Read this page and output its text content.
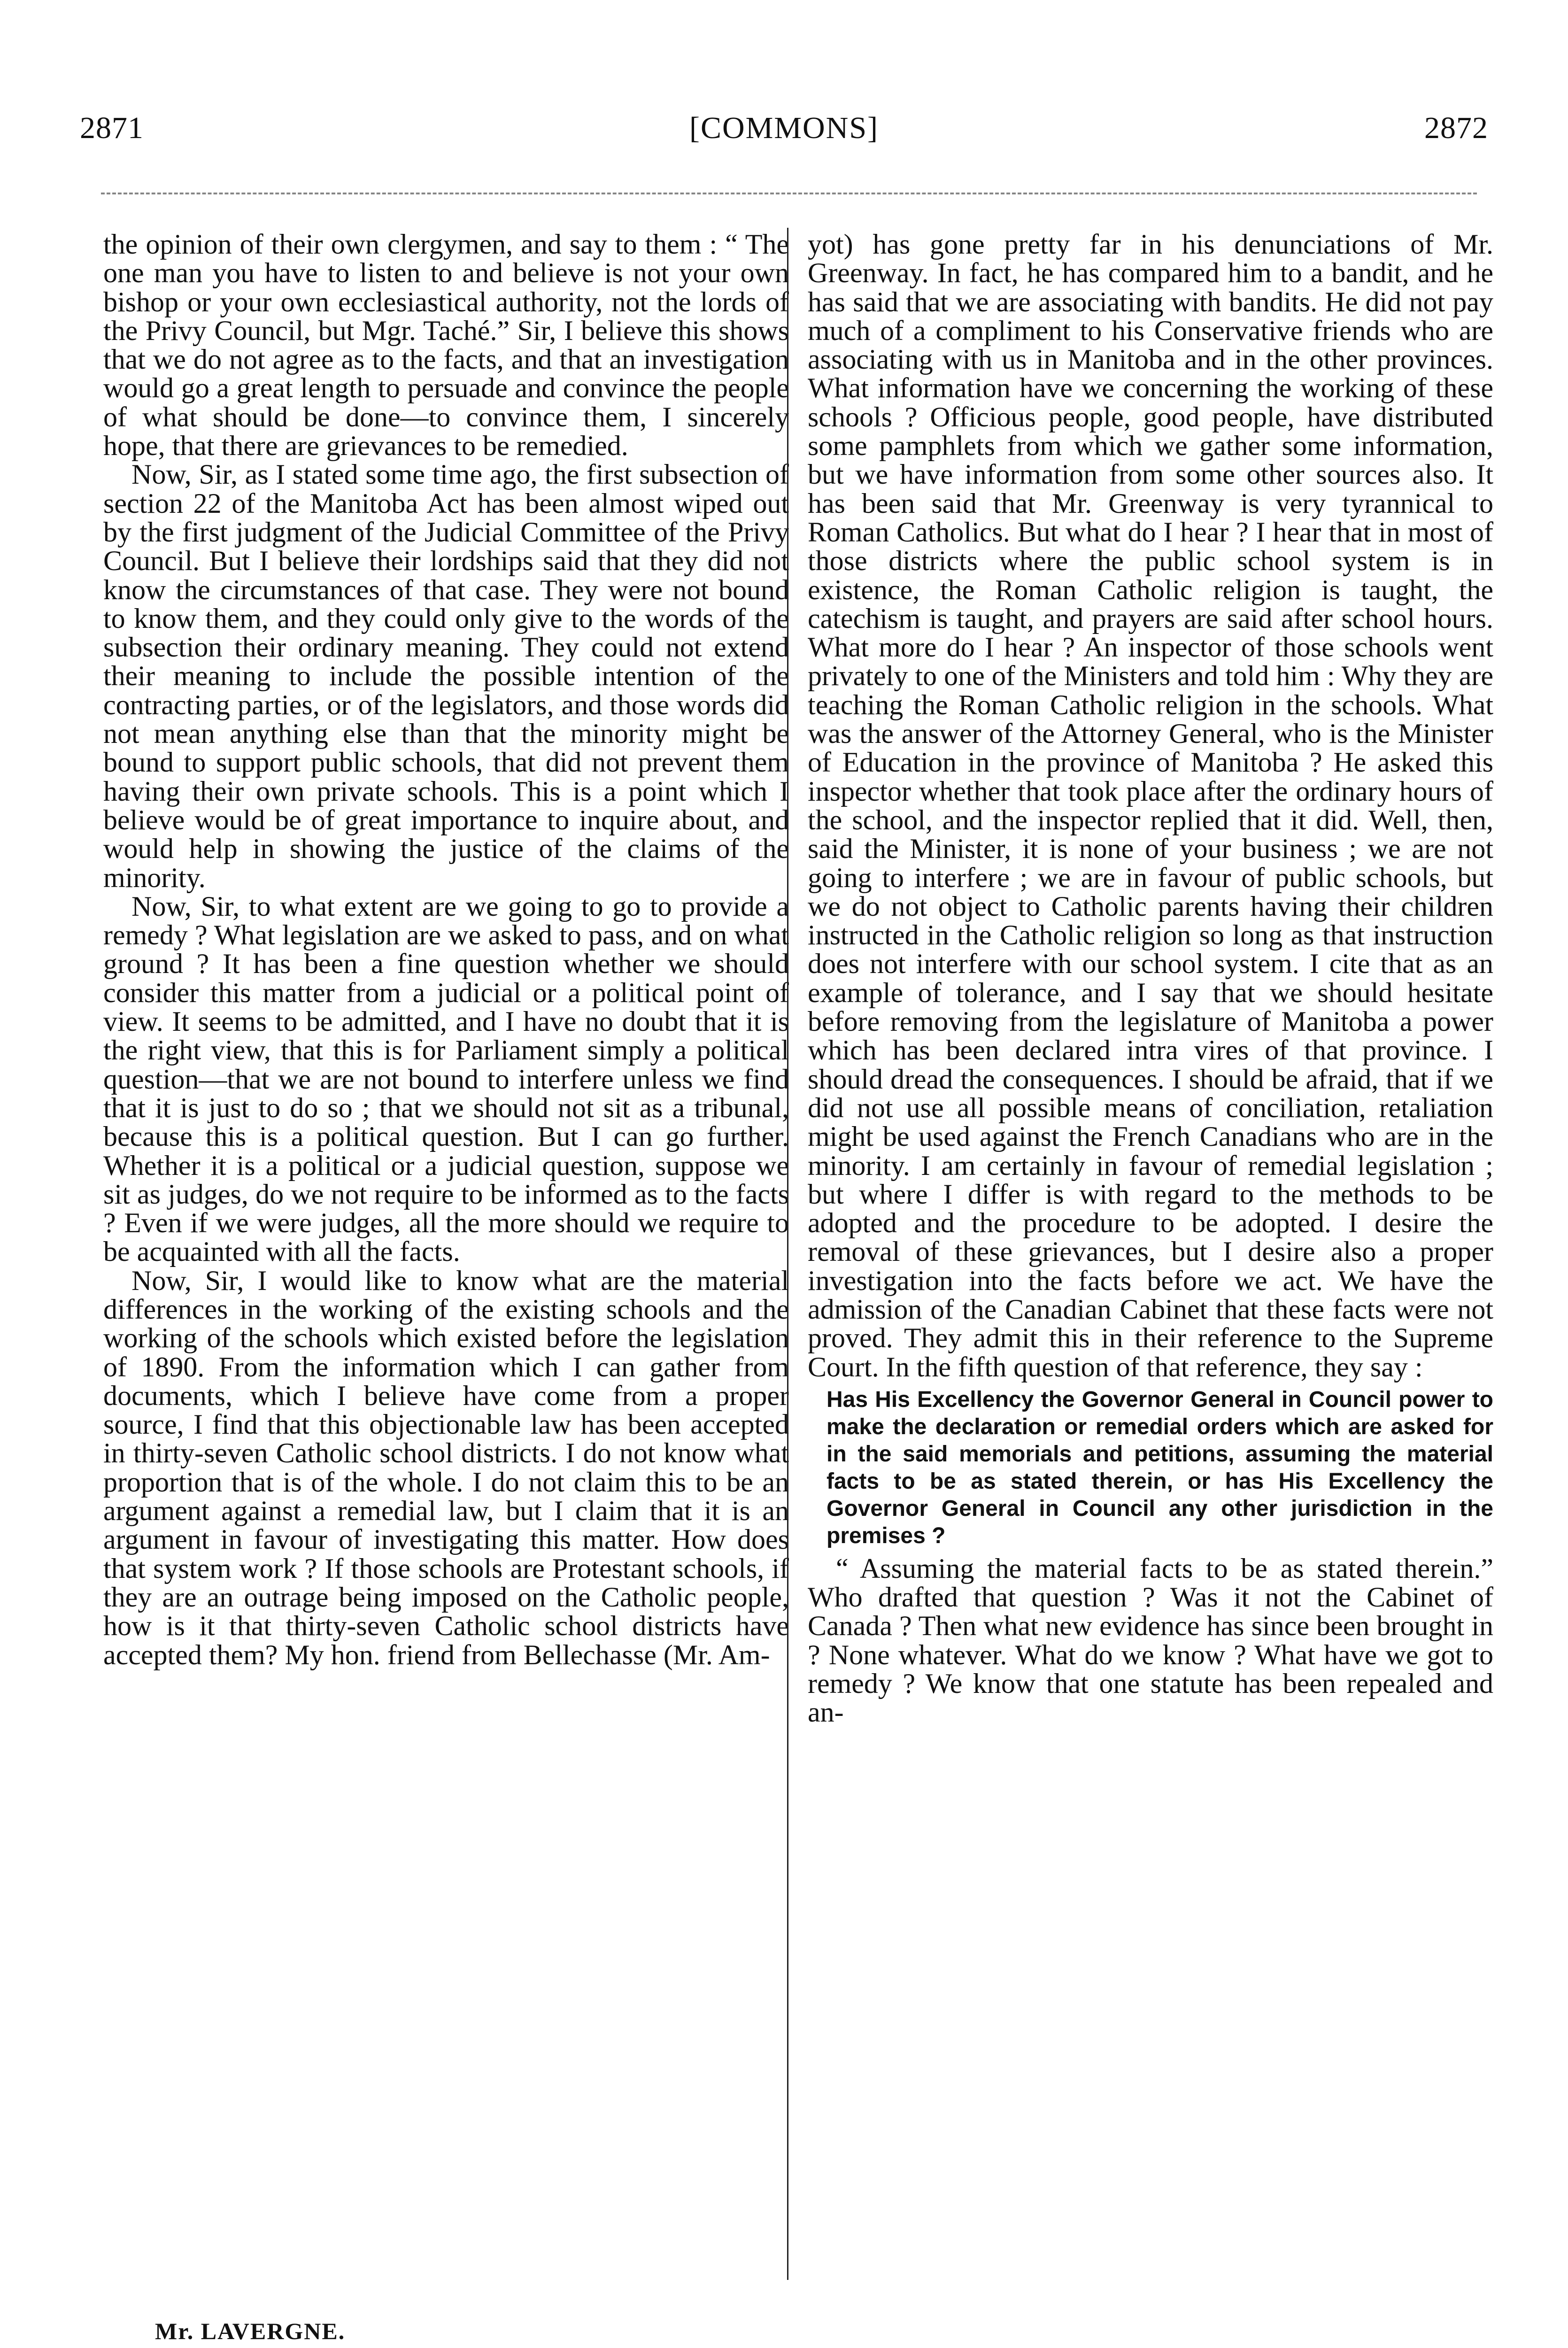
2871	[COMMONS]	2872

the opinion of their own clergymen, and say to them : “ The one man you have to listen to and believe is not your own bishop or your own ecclesiastical authority, not the lords of the Privy Council, but Mgr. Taché.” Sir, I believe this shows that we do not agree as to the facts, and that an investigation would go a great length to persuade and convince the people of what should be done—to convince them, I sincerely hope, that there are grievances to be remedied.

Now, Sir, as I stated some time ago, the first subsection of section 22 of the Manitoba Act has been almost wiped out by the first judgment of the Judicial Committee of the Privy Council. But I believe their lordships said that they did not know the circumstances of that case. They were not bound to know them, and they could only give to the words of the subsection their ordinary meaning. They could not extend their meaning to include the possible intention of the contracting parties, or of the legislators, and those words did not mean anything else than that the minority might be bound to support public schools, that did not prevent them having their own private schools. This is a point which I believe would be of great importance to inquire about, and would help in showing the justice of the claims of the minority.

Now, Sir, to what extent are we going to go to provide a remedy ? What legislation are we asked to pass, and on what ground ? It has been a fine question whether we should consider this matter from a judicial or a political point of view. It seems to be admitted, and I have no doubt that it is the right view, that this is for Parliament simply a political question—that we are not bound to interfere unless we find that it is just to do so ; that we should not sit as a tribunal, because this is a political question. But I can go further. Whether it is a political or a judicial question, suppose we sit as judges, do we not require to be informed as to the facts ? Even if we were judges, all the more should we require to be acquainted with all the facts.

Now, Sir, I would like to know what are the material differences in the working of the existing schools and the working of the schools which existed before the legislation of 1890. From the information which I can gather from documents, which I believe have come from a proper source, I find that this objectionable law has been accepted in thirty-seven Catholic school districts. I do not know what proportion that is of the whole. I do not claim this to be an argument against a remedial law, but I claim that it is an argument in favour of investigating this matter. How does that system work ? If those schools are Protestant schools, if they are an outrage being imposed on the Catholic people, how is it that thirty-seven Catholic school districts have accepted them? My hon. friend from Bellechasse (Mr. Am-

yot) has gone pretty far in his denunciations of Mr. Greenway. In fact, he has compared him to a bandit, and he has said that we are associating with bandits. He did not pay much of a compliment to his Conservative friends who are associating with us in Manitoba and in the other provinces. What information have we concerning the working of these schools ? Officious people, good people, have distributed some pamphlets from which we gather some information, but we have information from some other sources also. It has been said that Mr. Greenway is very tyrannical to Roman Catholics. But what do I hear ? I hear that in most of those districts where the public school system is in existence, the Roman Catholic religion is taught, the catechism is taught, and prayers are said after school hours. What more do I hear ? An inspector of those schools went privately to one of the Ministers and told him : Why they are teaching the Roman Catholic religion in the schools. What was the answer of the Attorney General, who is the Minister of Education in the province of Manitoba ? He asked this inspector whether that took place after the ordinary hours of the school, and the inspector replied that it did. Well, then, said the Minister, it is none of your business ; we are not going to interfere ; we are in favour of public schools, but we do not object to Catholic parents having their children instructed in the Catholic religion so long as that instruction does not interfere with our school system. I cite that as an example of tolerance, and I say that we should hesitate before removing from the legislature of Manitoba a power which has been declared intra vires of that province. I should dread the consequences. I should be afraid, that if we did not use all possible means of conciliation, retaliation might be used against the French Canadians who are in the minority. I am certainly in favour of remedial legislation ; but where I differ is with regard to the methods to be adopted and the procedure to be adopted. I desire the removal of these grievances, but I desire also a proper investigation into the facts before we act. We have the admission of the Canadian Cabinet that these facts were not proved. They admit this in their reference to the Supreme Court. In the fifth question of that reference, they say :

Has His Excellency the Governor General in Council power to make the declaration or remedial orders which are asked for in the said memorials and petitions, assuming the material facts to be as stated therein, or has His Excellency the Governor General in Council any other jurisdiction in the premises ?

“ Assuming the material facts to be as stated therein.” Who drafted that question ? Was it not the Cabinet of Canada ? Then what new evidence has since been brought in ? None whatever. What do we know ? What have we got to remedy ? We know that one statute has been repealed and an-

Mr. LAVERGNE.
